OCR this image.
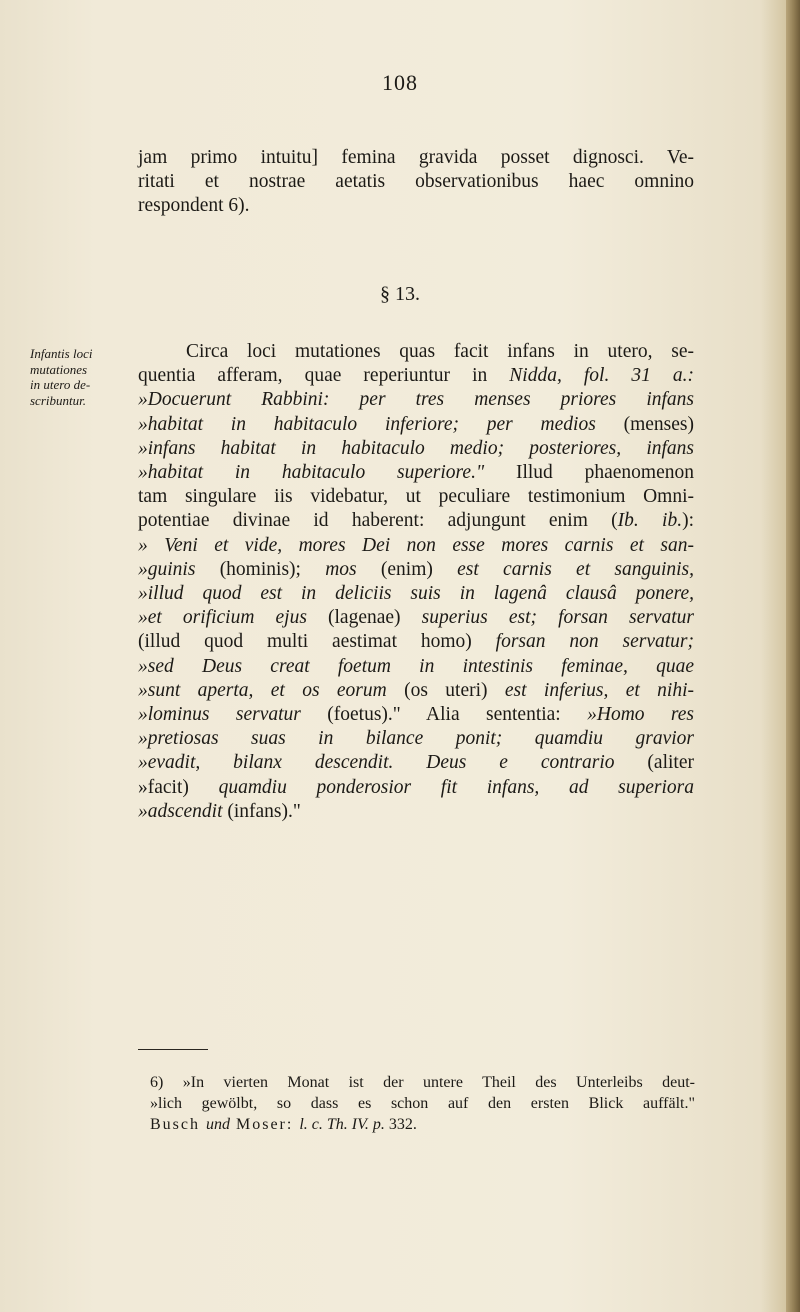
108
jam primo intuitu] femina gravida posset dignosci. Ve-
ritati et nostrae aetatis observationibus haec omnino
respondent 6).
§ 13.
Infantis loci
mutationes
in utero de-
scribuntur.
Circa loci mutationes quas facit infans in utero, se-
quentia afferam, quae reperiuntur in Nidda, fol. 31 a.:
»Docuerunt Rabbini: per tres menses priores infans
»habitat in habitaculo inferiore; per medios (menses)
»infans habitat in habitaculo medio; posteriores, infans
»habitat in habitaculo superiore." Illud phaenomenon
tam singulare iis videbatur, ut peculiare testimonium Omni-
potentiae divinae id haberent: adjungunt enim (Ib. ib.):
» Veni et vide, mores Dei non esse mores carnis et san-
»guinis (hominis); mos (enim) est carnis et sanguinis,
»illud quod est in deliciis suis in lagenâ clausâ ponere,
»et orificium ejus (lagenae) superius est; forsan servatur
(illud quod multi aestimat homo) forsan non servatur;
»sed Deus creat foetum in intestinis feminae, quae
»sunt aperta, et os eorum (os uteri) est inferius, et nihi-
»lominus servatur (foetus)." Alia sententia: »Homo res
»pretiosas suas in bilance ponit; quamdiu gravior
»evadit, bilanx descendit. Deus e contrario (aliter
»facit) quamdiu ponderosior fit infans, ad superiora
»adscendit (infans)."
6) »In vierten Monat ist der untere Theil des Unterleibs deut-
»lich gewölbt, so dass es schon auf den ersten Blick auffält."
Busch und Moser: l. c. Th. IV. p. 332.
